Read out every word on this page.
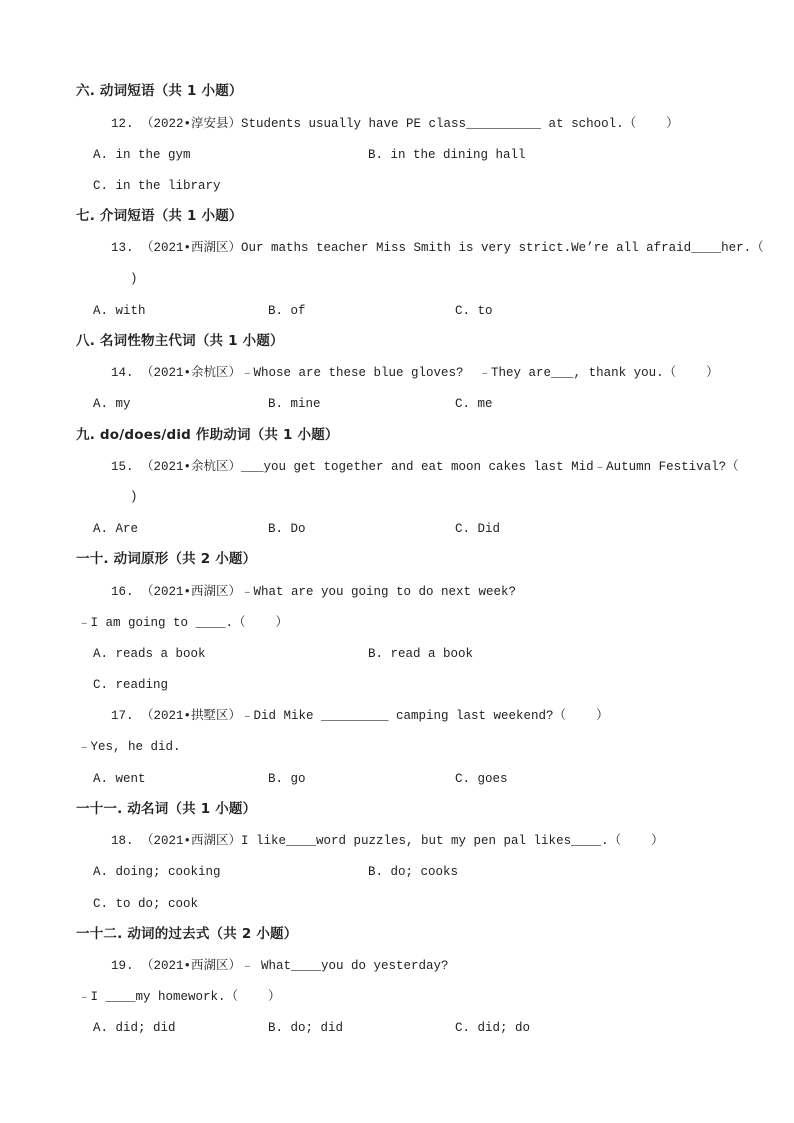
六. 动词短语（共 1 小题）
12. （2022•淳安县）Students usually have PE class__________ at school.（    ）
A. in the gym	B. in the dining hall
C. in the library
七. 介词短语（共 1 小题）
13. （2021•西湖区）Our maths teacher Miss Smith is very strict.We’re all afraid____her.（
)
A. with	B. of	C. to
八. 名词性物主代词（共 1 小题）
14. （2021•余杭区）﹣Whose are these blue gloves?  ﹣They are___, thank you.（    ）
A. my	B. mine	C. me
九. do/does/did 作助动词（共 1 小题）
15. （2021•余杭区）___you get together and eat moon cakes last Mid﹣Autumn Festival?（
)
A. Are	B. Do	C. Did
一十. 动词原形（共 2 小题）
16. （2021•西湖区）﹣What are you going to do next week?
﹣I am going to ____.（    ）
A. reads a book	B. read a book
C. reading
17. （2021•拱墅区）﹣Did Mike _________ camping last weekend?（    ）
﹣Yes, he did.
A. went	B. go	C. goes
一十一. 动名词（共 1 小题）
18. （2021•西湖区）I like____word puzzles, but my pen pal likes____.（    ）
A. doing; cooking	B. do; cooks
C. to do; cook
一十二. 动词的过去式（共 2 小题）
19. （2021•西湖区）﹣ What____you do yesterday?
﹣I ____my homework.（    ）
A. did; did	B. do; did	C. did; do
